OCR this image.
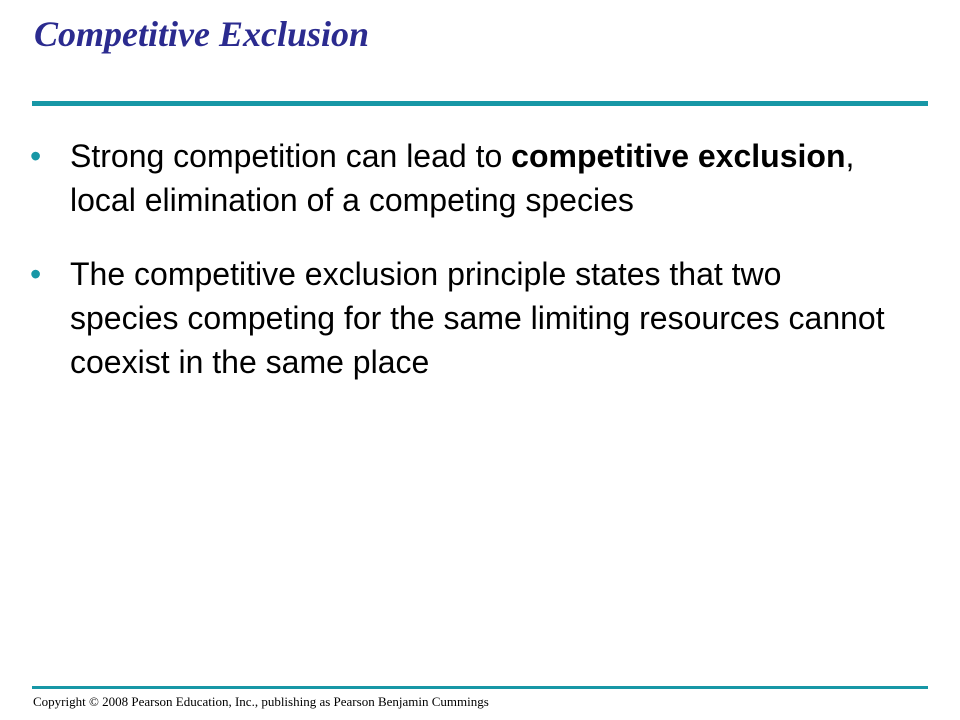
Competitive Exclusion
• Strong competition can lead to competitive exclusion, local elimination of a competing species
• The competitive exclusion principle states that two species competing for the same limiting resources cannot coexist in the same place
Copyright © 2008 Pearson Education, Inc., publishing as Pearson Benjamin Cummings
